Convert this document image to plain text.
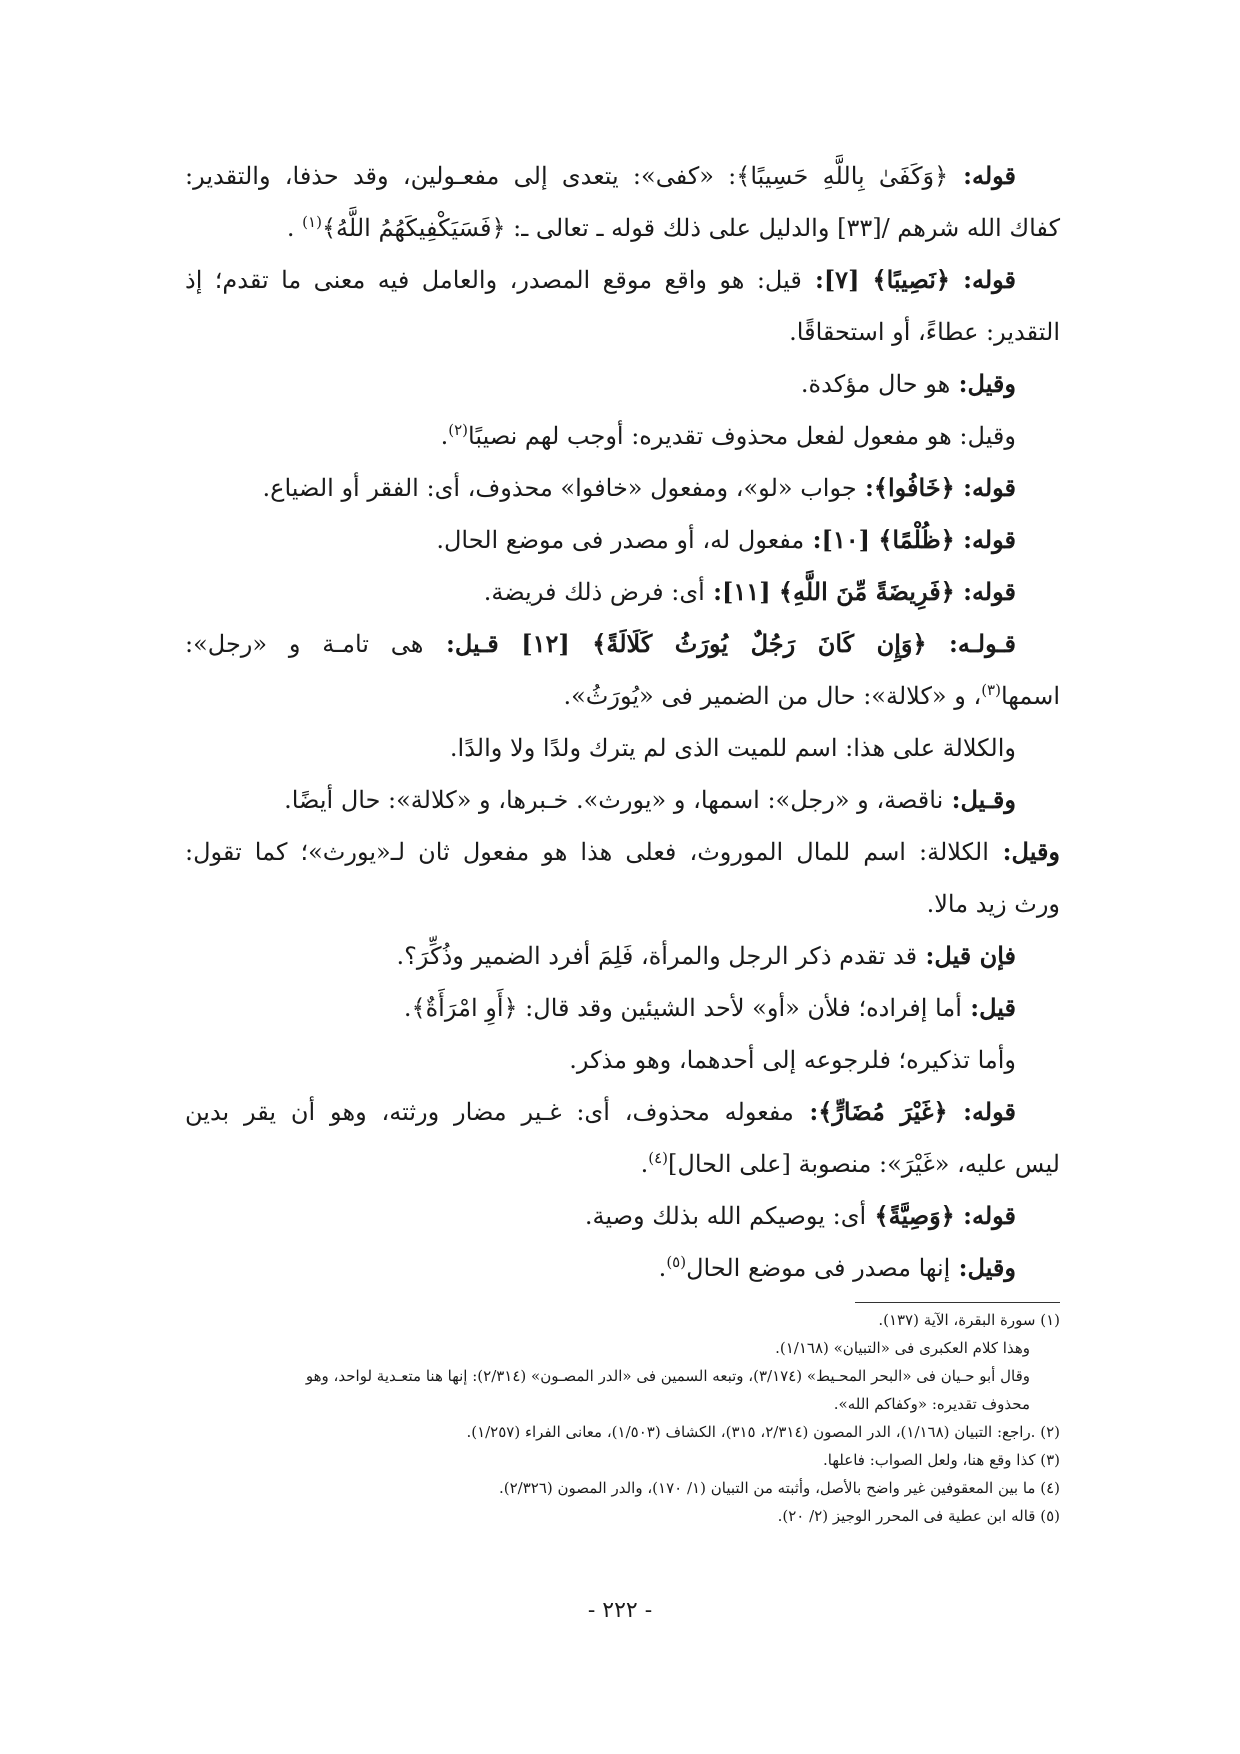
قوله: ﴿وَكَفَىٰ بِاللَّهِ حَسِيبًا﴾: «كفى»: يتعدى إلى مفعـولين، وقد حذفا، والتقدير:
كفاك الله شرهم /[٣٣] والدليل على ذلك قوله ـ تعالى ـ: ﴿فَسَيَكْفِيكَهُمُ اللَّهُ﴾$^{(١)}$ .
قوله: ﴿نَصِيبًا﴾ [٧]: قيل: هو واقع موقع المصدر، والعامل فيه معنى ما تقدم؛ إذ
التقدير: عطاءً، أو استحقاقًا.
وقيل: هو حال مؤكدة.
وقيل: هو مفعول لفعل محذوف تقديره: أوجب لهم نصيبًا$^{(٢)}$.
قوله: ﴿خَافُوا﴾: جواب «لو»، ومفعول «خافوا» محذوف، أى: الفقر أو الضياع.
قوله: ﴿ظُلْمًا﴾ [١٠]: مفعول له، أو مصدر فى موضع الحال.
قوله: ﴿فَرِيضَةً مِّنَ اللَّهِ﴾ [١١]: أى: فرض ذلك فريضة.
قـولـه: ﴿وَإِن كَانَ رَجُلٌ يُورَثُ كَلَالَةً﴾ [١٢] قـيل: هى تامـة و «رجل»:
اسمها$^{(٣)}$، و «كلالة»: حال من الضمير فى «يُورَثُ».
والكلالة على هذا: اسم للميت الذى لم يترك ولدًا ولا والدًا.
وقـيل: ناقصة، و «رجل»: اسمها، و «يورث». خـبرها، و «كلالة»: حال أيضًا.
وقيل: الكلالة: اسم للمال الموروث، فعلى هذا هو مفعول ثان لـ«يورث»؛ كما تقول:
ورث زيد مالا.
فإن قيل: قد تقدم ذكر الرجل والمرأة، فَلِمَ أفرد الضمير وذُكِّرَ؟.
قيل: أما إفراده؛ فلأن «أو» لأحد الشيئين وقد قال: ﴿أَوِ امْرَأَةٌ﴾.
وأما تذكيره؛ فلرجوعه إلى أحدهما، وهو مذكر.
قوله: ﴿غَيْرَ مُضَارٍّ﴾: مفعوله محذوف، أى: غـير مضار ورثته، وهو أن يقر بدين
ليس عليه، «غَيْرَ»: منصوبة [على الحال]$^{(٤)}$.
قوله: ﴿وَصِيَّةً﴾ أى: يوصيكم الله بذلك وصية.
وقيل: إنها مصدر فى موضع الحال$^{(٥)}$.
(١) سورة البقرة، الآية (١٣٧).
وهذا كلام العكبرى فى «التبيان» (١/١٦٨).
وقال أبو حـيان فى «البحر المحـيط» (٣/١٧٤)، وتبعه السمين فى «الدر المصـون» (٢/٣١٤): إنها هنا متعـدية لواحد، وهو
محذوف تقديره: «وكفاكم الله».
(٢) .راجع: التبيان (١/١٦٨)، الدر المصون (٢/٣١٤، ٣١٥)، الكشاف (١/٥٠٣)، معانى الفراء (١/٢٥٧).
(٣) كذا وقع هنا، ولعل الصواب: فاعلها.
(٤) ما بين المعقوفين غير واضح بالأصل، وأثبته من التبيان (١/ ١٧٠)، والدر المصون (٢/٣٢٦).
(٥) قاله ابن عطية فى المحرر الوجيز (٢/ ٢٠).
- ٢٢٢ -
